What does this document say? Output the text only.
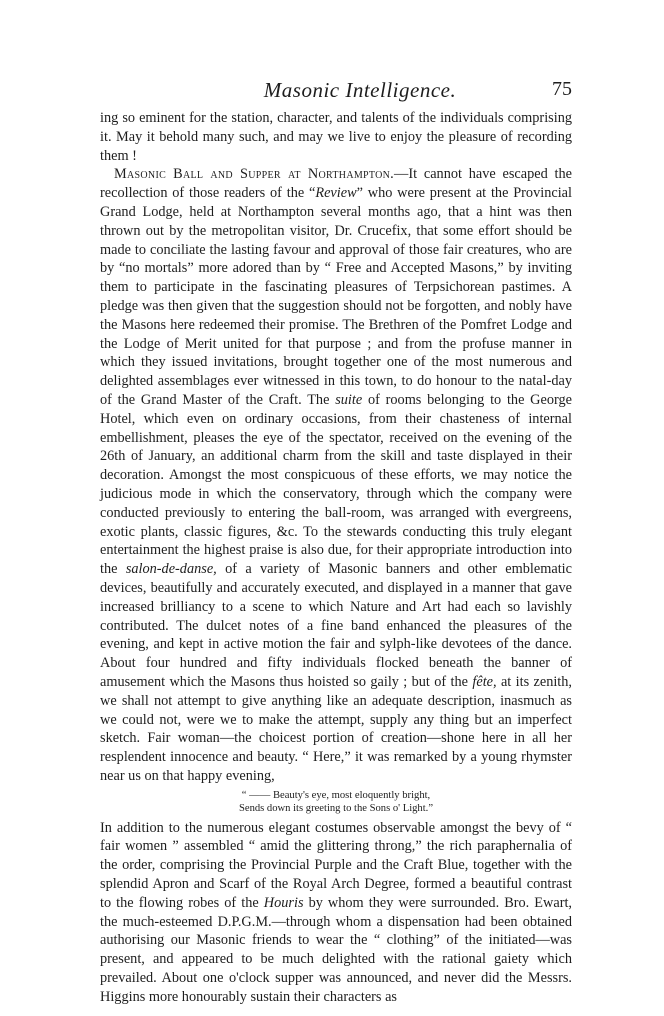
Masonic Intelligence.	75

ing so eminent for the station, character, and talents of the individuals comprising it. May it behold many such, and may we live to enjoy the pleasure of recording them !

Masonic Ball and Supper at Northampton.—It cannot have escaped the recollection of those readers of the “Review” who were present at the Provincial Grand Lodge, held at Northampton several months ago, that a hint was then thrown out by the metropolitan visitor, Dr. Crucefix, that some effort should be made to conciliate the lasting favour and approval of those fair creatures, who are by “no mortals” more adored than by “ Free and Accepted Masons,” by inviting them to participate in the fascinating pleasures of Terpsichorean pastimes. A pledge was then given that the suggestion should not be forgotten, and nobly have the Masons here redeemed their promise. The Brethren of the Pomfret Lodge and the Lodge of Merit united for that purpose ; and from the profuse manner in which they issued invitations, brought together one of the most numerous and delighted assemblages ever witnessed in this town, to do honour to the natal-day of the Grand Master of the Craft. The suite of rooms belonging to the George Hotel, which even on ordinary occasions, from their chasteness of internal embellishment, pleases the eye of the spectator, received on the evening of the 26th of January, an additional charm from the skill and taste displayed in their decoration. Amongst the most conspicuous of these efforts, we may notice the judicious mode in which the conservatory, through which the company were conducted previously to entering the ball-room, was arranged with evergreens, exotic plants, classic figures, &c. To the stewards conducting this truly elegant entertainment the highest praise is also due, for their appropriate introduction into the salon-de-danse, of a variety of Masonic banners and other emblematic devices, beautifully and accurately executed, and displayed in a manner that gave increased brilliancy to a scene to which Nature and Art had each so lavishly contributed. The dulcet notes of a fine band enhanced the pleasures of the evening, and kept in active motion the fair and sylph-like devotees of the dance. About four hundred and fifty individuals flocked beneath the banner of amusement which the Masons thus hoisted so gaily ; but of the fête, at its zenith, we shall not attempt to give anything like an adequate description, inasmuch as we could not, were we to make the attempt, supply any thing but an imperfect sketch. Fair woman—the choicest portion of creation—shone here in all her resplendent innocence and beauty. “ Here,” it was remarked by a young rhymster near us on that happy evening,

“ —— Beauty's eye, most eloquently bright,
Sends down its greeting to the Sons o' Light.”

In addition to the numerous elegant costumes observable amongst the bevy of “ fair women ” assembled “ amid the glittering throng,” the rich paraphernalia of the order, comprising the Provincial Purple and the Craft Blue, together with the splendid Apron and Scarf of the Royal Arch Degree, formed a beautiful contrast to the flowing robes of the Houris by whom they were surrounded. Bro. Ewart, the much-esteemed D.P.G.M.—through whom a dispensation had been obtained authorising our Masonic friends to wear the “ clothing” of the initiated—was present, and appeared to be much delighted with the rational gaiety which prevailed. About one o'clock supper was announced, and never did the Messrs. Higgins more honourably sustain their characters as
